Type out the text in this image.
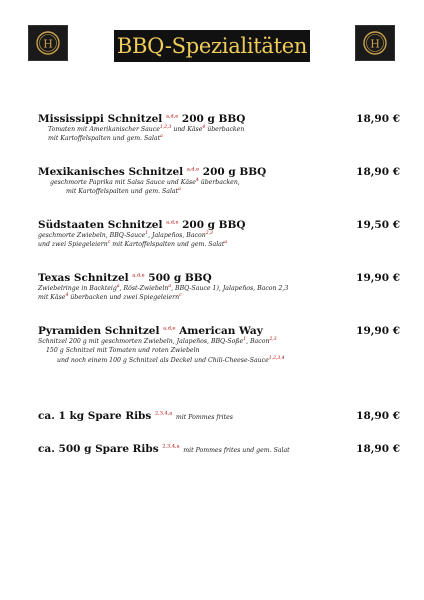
H	BBQ-Spezialitäten	H
Mississippi Schnitzel $^{a,d,e}$ 200 g BBQ	18,90 €
Tomaten mit Amerikanischer Sauce$^{1,2,3}$ und Käse$^4$ überbacken
mit Kartoffelspalten und gem. Salat$^a$
Mexikanisches Schnitzel $^{a,d,e}$ 200 g BBQ	18,90 €
geschmorte Paprika mit Salsa Sauce und Käse$^4$ überbacken,
mit Kartoffelspalten und gem. Salat$^a$
Südstaaten Schnitzel $^{a,d,e}$ 200 g BBQ	19,50 €
geschmorte Zwiebeln, BBQ-Sauce$^1$, Jalapeños, Bacon$^{2,3}$
und zwei Spiegeleiern$^c$ mit Kartoffelspalten und gem. Salat$^a$
Texas Schnitzel $^{a,d,e}$ 500 g BBQ	19,90 €
Zwiebelringe in Backteig$^a$, Röst-Zwiebeln$^a$, BBQ-Sauce 1), Jalapeños, Bacon 2,3
mit Käse$^4$ überbacken und zwei Spiegeleiern$^c$
Pyramiden Schnitzel $^{a,d,e}$ American Way	19,90 €
Schnitzel 200 g mit geschmorten Zwiebeln, Jalapeños, BBQ-Soße$^1$, Bacon$^{2,3}$
150 g Schnitzel mit Tomaten und roten Zwiebeln
und noch einem 100 g Schnitzel als Deckel und Chili-Cheese-Sauce$^{1,2,3,4}$
ca. 1 kg Spare Ribs $^{2,3,4,a}$ mit Pommes frites	18,90 €
ca. 500 g Spare Ribs $^{2,3,4,a}$ mit Pommes frites und gem. Salat	18,90 €
